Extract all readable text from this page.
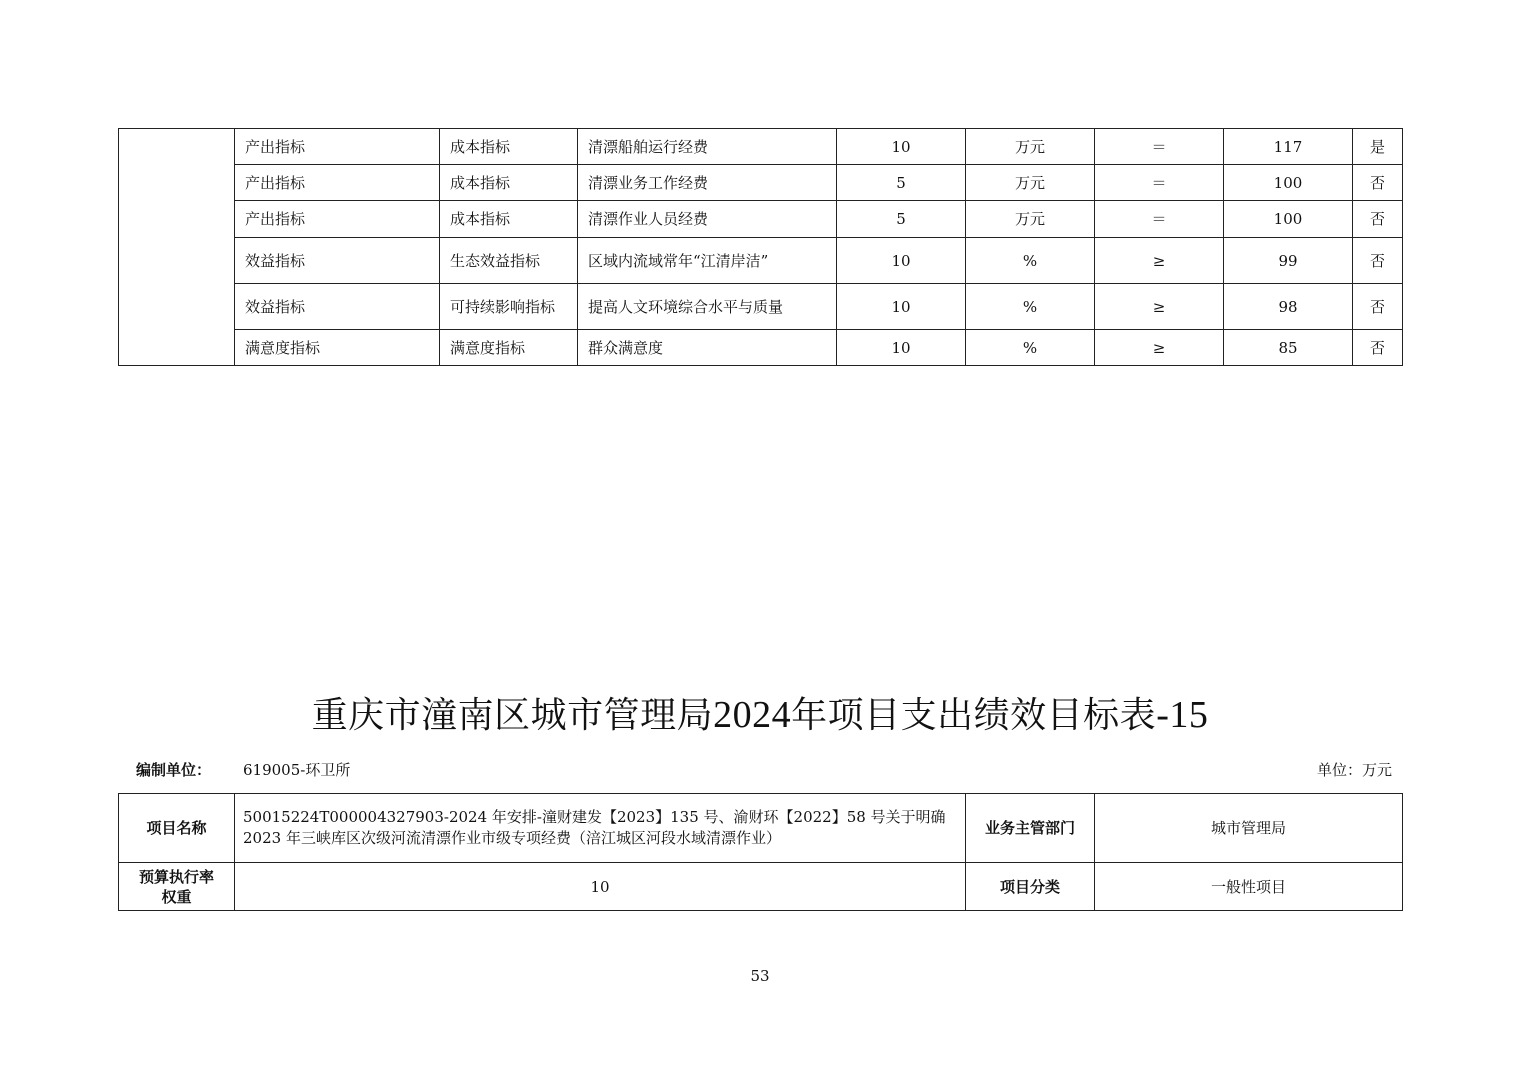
	产出指标	成本指标	清漂船舶运行经费	10	万元	＝	117	是
	产出指标	成本指标	清漂业务工作经费	5	万元	＝	100	否
	产出指标	成本指标	清漂作业人员经费	5	万元	＝	100	否
	效益指标	生态效益指标	区域内流域常年“江清岸洁”	10	%	≥	99	否
	效益指标	可持续影响指标	提高人文环境综合水平与质量	10	%	≥	98	否
	满意度指标	满意度指标	群众满意度	10	%	≥	85	否
重庆市潼南区城市管理局2024年项目支出绩效目标表-15
编制单位： 619005-环卫所	单位：万元
项目名称	50015224T000004327903-2024 年安排-潼财建发【2023】135 号、渝财环【2022】58 号关于明确 2023 年三峡库区次级河流清漂作业市级专项经费（涪江城区河段水域清漂作业）	业务主管部门	城市管理局

预算执行率
权重	10	项目分类	一般性项目
53
